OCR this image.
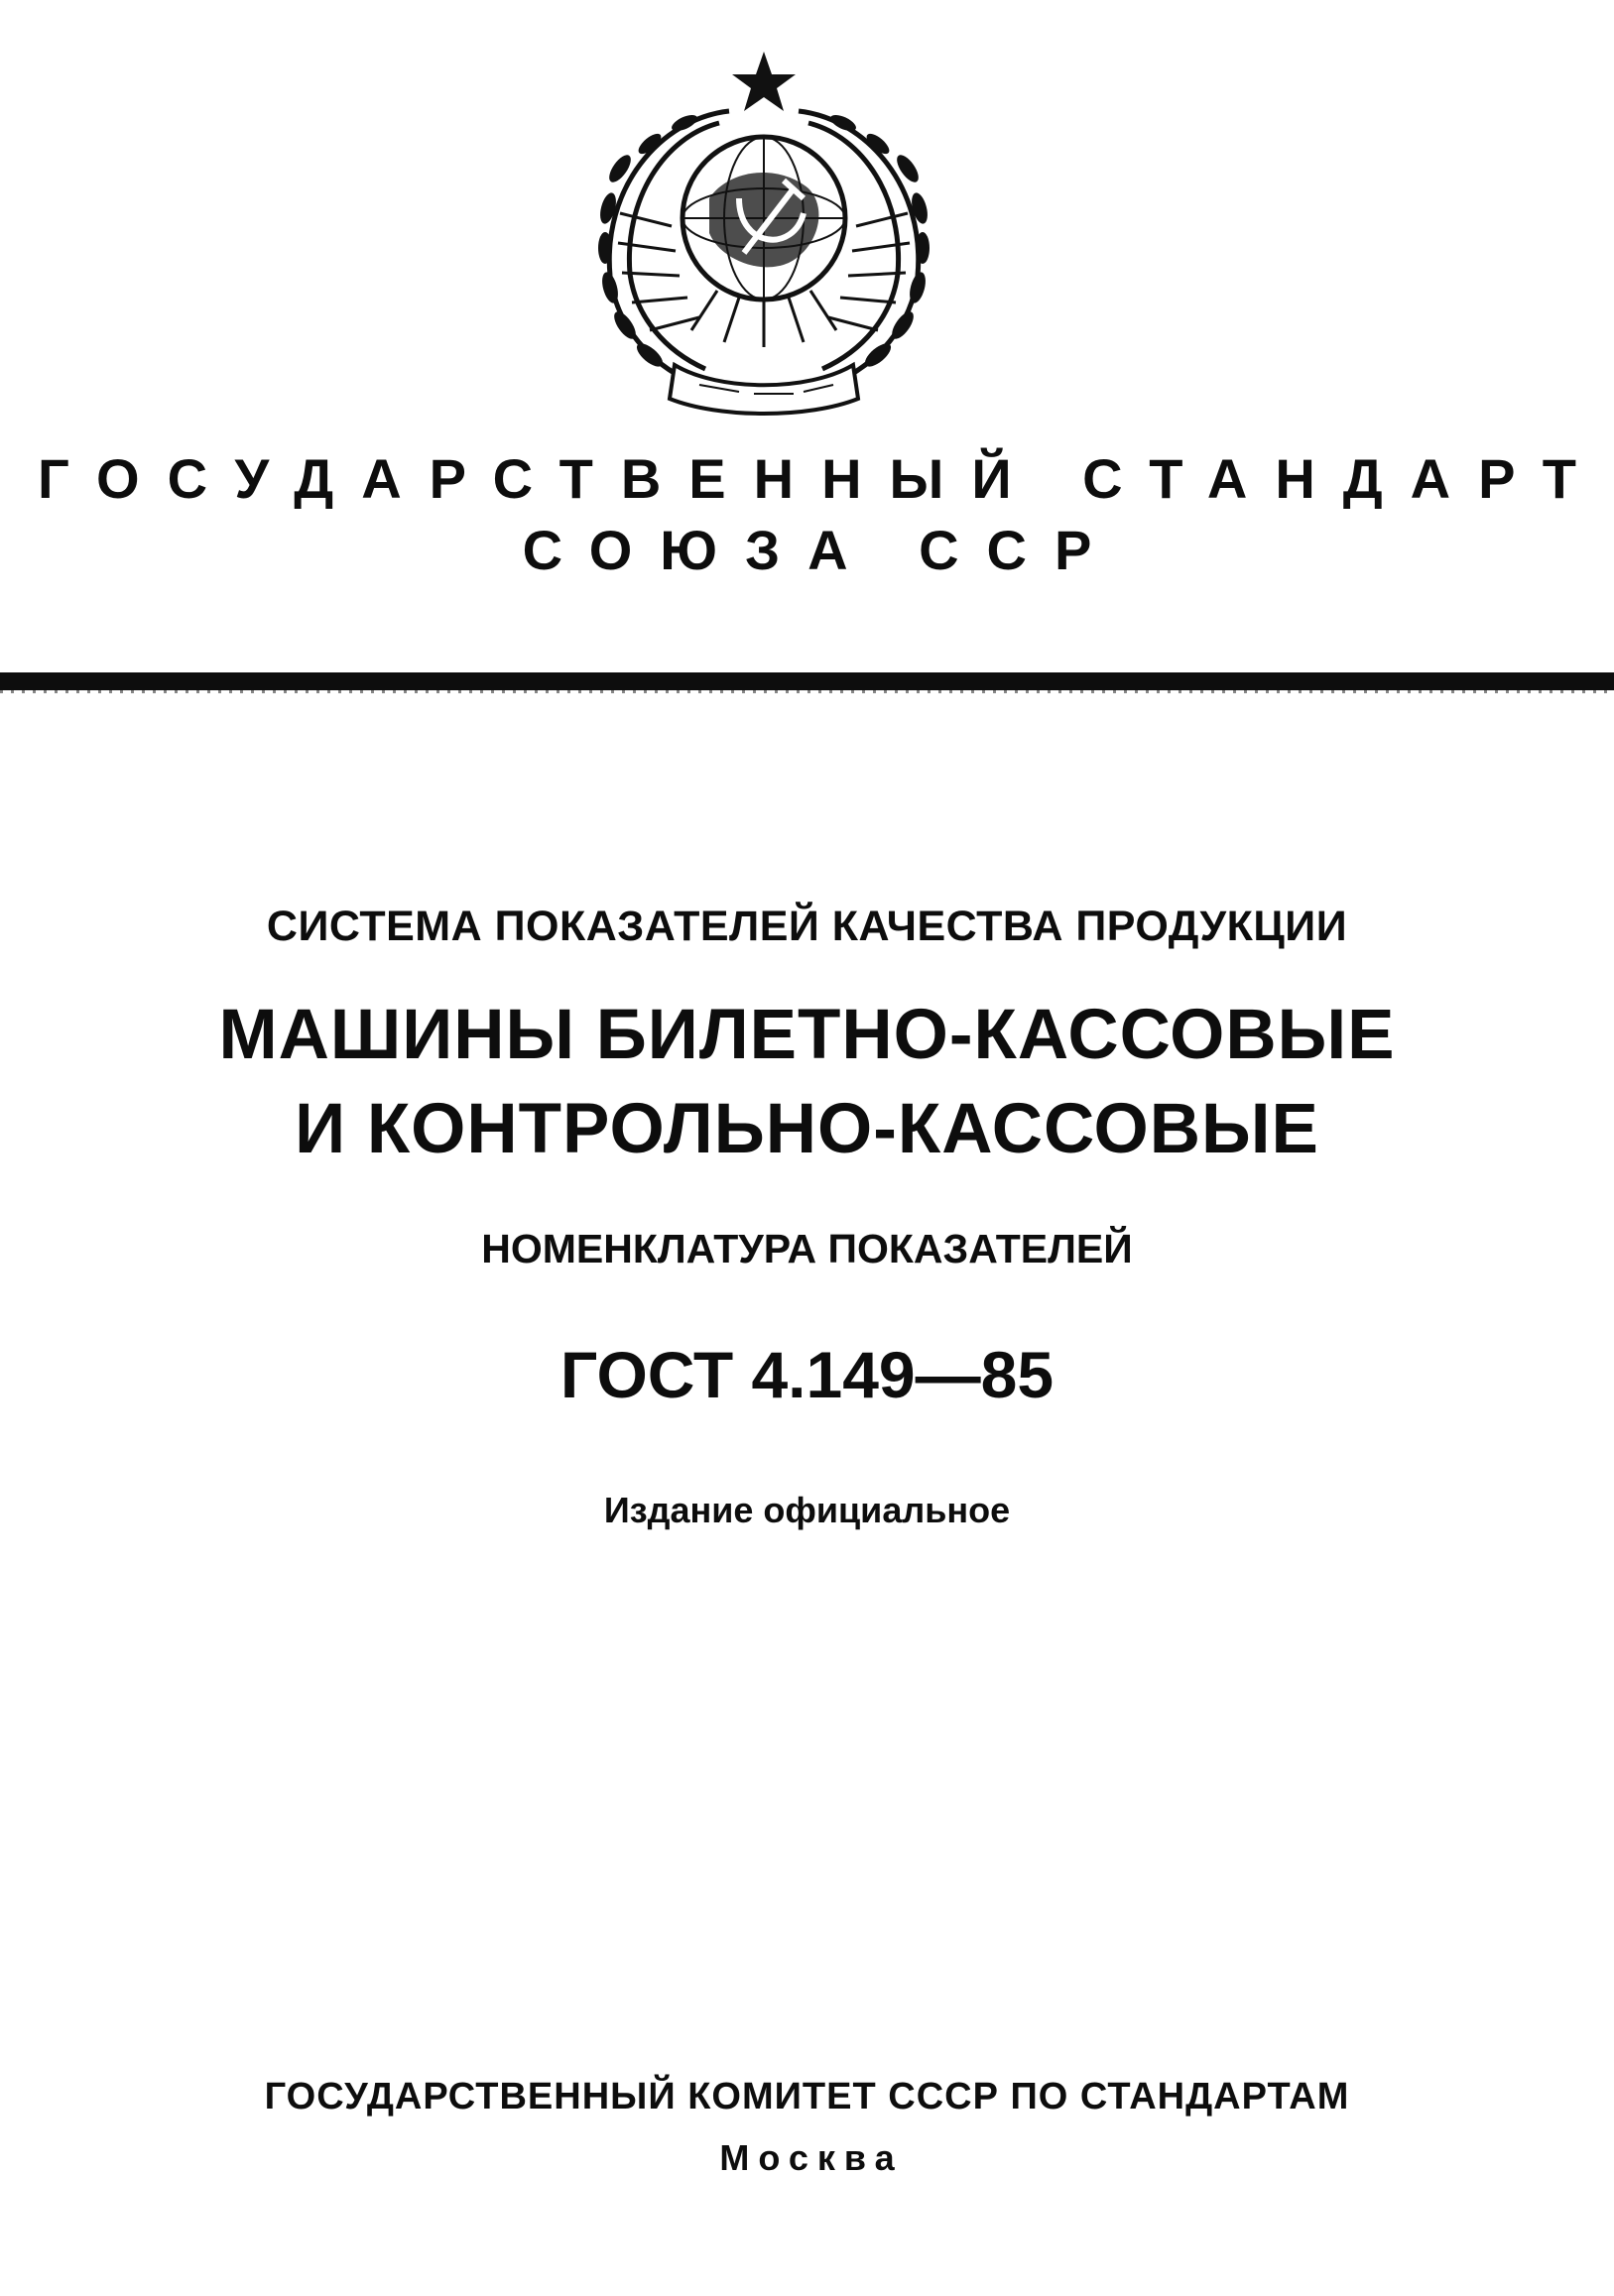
ГОСУДАРСТВЕННЫЙ СТАНДАРТ
СОЮЗА ССР
СИСТЕМА ПОКАЗАТЕЛЕЙ КАЧЕСТВА ПРОДУКЦИИ
МАШИНЫ БИЛЕТНО-КАССОВЫЕ
И КОНТРОЛЬНО-КАССОВЫЕ
НОМЕНКЛАТУРА ПОКАЗАТЕЛЕЙ
ГОСТ 4.149—85
Издание официальное
ГОСУДАРСТВЕННЫЙ КОМИТЕТ СССР ПО СТАНДАРТАМ
Москва
